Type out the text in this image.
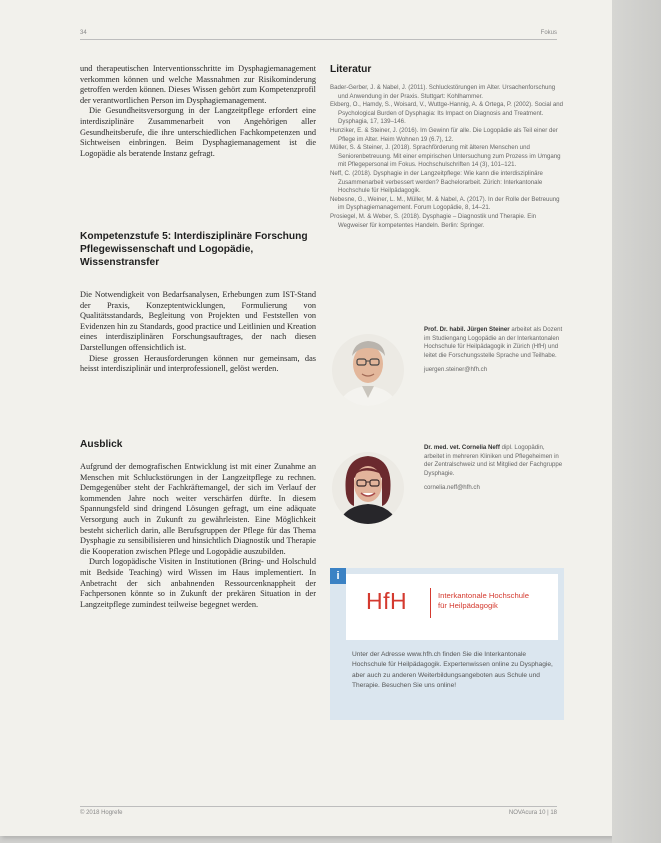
34	Fokus

und therapeutischen Interventionsschritte im Dysphagiemanagement verkommen können und welche Massnahmen zur Risikominderung getroffen werden können. Dieses Wissen gehört zum Kompetenzprofil der verantwortlichen Person im Dysphagiemanagement.

Die Gesundheitsversorgung in der Langzeitpflege erfordert eine interdisziplinäre Zusammenarbeit von Angehörigen aller Gesundheitsberufe, die ihre unterschiedlichen Fachkompetenzen und Sichtweisen einbringen. Beim Dysphagiemanagement ist die Logopädie als beratende Instanz gefragt.

Kompetenzstufe 5: Interdisziplinäre Forschung Pflegewissenschaft und Logopädie, Wissenstransfer

Die Notwendigkeit von Bedarfsanalysen, Erhebungen zum IST-Stand der Praxis, Konzeptentwicklungen, Formulierung von Qualitätsstandards, Begleitung von Projekten und Feststellen von Evidenzen hin zu Standards, good practice und Leitlinien und Kreation eines interdisziplinären Forschungsauftrages, der nach diesen Darstellungen offensichtlich ist.

Diese grossen Herausforderungen können nur gemeinsam, das heisst interdisziplinär und interprofessionell, gelöst werden.

Ausblick

Aufgrund der demografischen Entwicklung ist mit einer Zunahme an Menschen mit Schluckstörungen in der Langzeitpflege zu rechnen. Demgegenüber steht der Fachkräftemangel, der sich im Verlauf der kommenden Jahre noch weiter verschärfen dürfte. In diesem Spannungsfeld sind dringend Lösungen gefragt, um eine adäquate Versorgung auch in Zukunft zu gewährleisten. Eine Möglichkeit besteht sicherlich darin, alle Berufsgruppen der Pflege für das Thema Dysphagie zu sensibilisieren und hinsichtlich Diagnostik und Therapie die Kooperation zwischen Pflege und Logopädie auszubilden.

Durch logopädische Visiten in Institutionen (Bring- und Holschuld mit Bedside Teaching) wird Wissen im Haus implementiert. In Anbetracht der sich anbahnenden Ressourcenknappheit der Fachpersonen könnte so in Zukunft der prekären Situation in der Langzeitpflege zumindest teilweise begegnet werden.

Literatur
Bader-Gerber, J. & Nabel, J. (2011). Schluckstörungen im Alter. Ursachenforschung und Anwendung in der Praxis. Stuttgart: Kohlhammer.
Ekberg, O., Hamdy, S., Woisard, V., Wuttge-Hannig, A. & Ortega, P. (2002). Social and Psychological Burden of Dysphagia: Its Impact on Diagnosis and Treatment. Dysphagia, 17, 139–146.
Hunziker, E. & Steiner, J. (2016). Im Gewinn für alle. Die Logopädie als Teil einer der Pflege im Alter. Heim Wohnen 19 (6.7), 12.
Müller, S. & Steiner, J. (2018). Sprachförderung mit älteren Menschen und Seniorenbetreuung. Mit einer empirischen Untersuchung zum Prozess im Umgang mit Pflegepersonal im Fokus. Hochschulschriften 14 (3), 101–121.
Neff, C. (2018). Dysphagie in der Langzeitpflege: Wie kann die interdisziplinäre Zusammenarbeit verbessert werden? Bachelorarbeit. Zürich: Interkantonale Hochschule für Heilpädagogik.
Nebesne, G., Weiner, L. M., Müller, M. & Nabel, A. (2017). In der Rolle der Betreuung im Dysphagiemanagement. Forum Logopädie, 8, 14–21.
Prosiegel, M. & Weber, S. (2018). Dysphagie – Diagnostik und Therapie. Ein Wegweiser für kompetentes Handeln. Berlin: Springer.
Prof. Dr. habil. Jürgen Steiner arbeitet als Dozent im Studiengang Logopädie an der Interkantonalen Hochschule für Heilpädagogik in Zürich (HfH) und leitet die Forschungsstelle Sprache und Teilhabe.
juergen.steiner@hfh.ch
Dr. med. vet. Cornelia Neff dipl. Logopädin, arbeitet in mehreren Kliniken und Pflegeheimen in der Zentralschweiz und ist Mitglied der Fachgruppe Dysphagie.
cornelia.neff@hfh.ch
i
HfH	Interkantonale Hochschule
für Heilpädagogik
Unter der Adresse www.hfh.ch finden Sie die Interkantonale Hochschule für Heilpädagogik. Expertenwissen online zu Dysphagie, aber auch zu anderen Weiterbildungsangeboten aus Schule und Therapie. Besuchen Sie uns online!
© 2018 Hogrefe	NOVAcura 10 | 18
